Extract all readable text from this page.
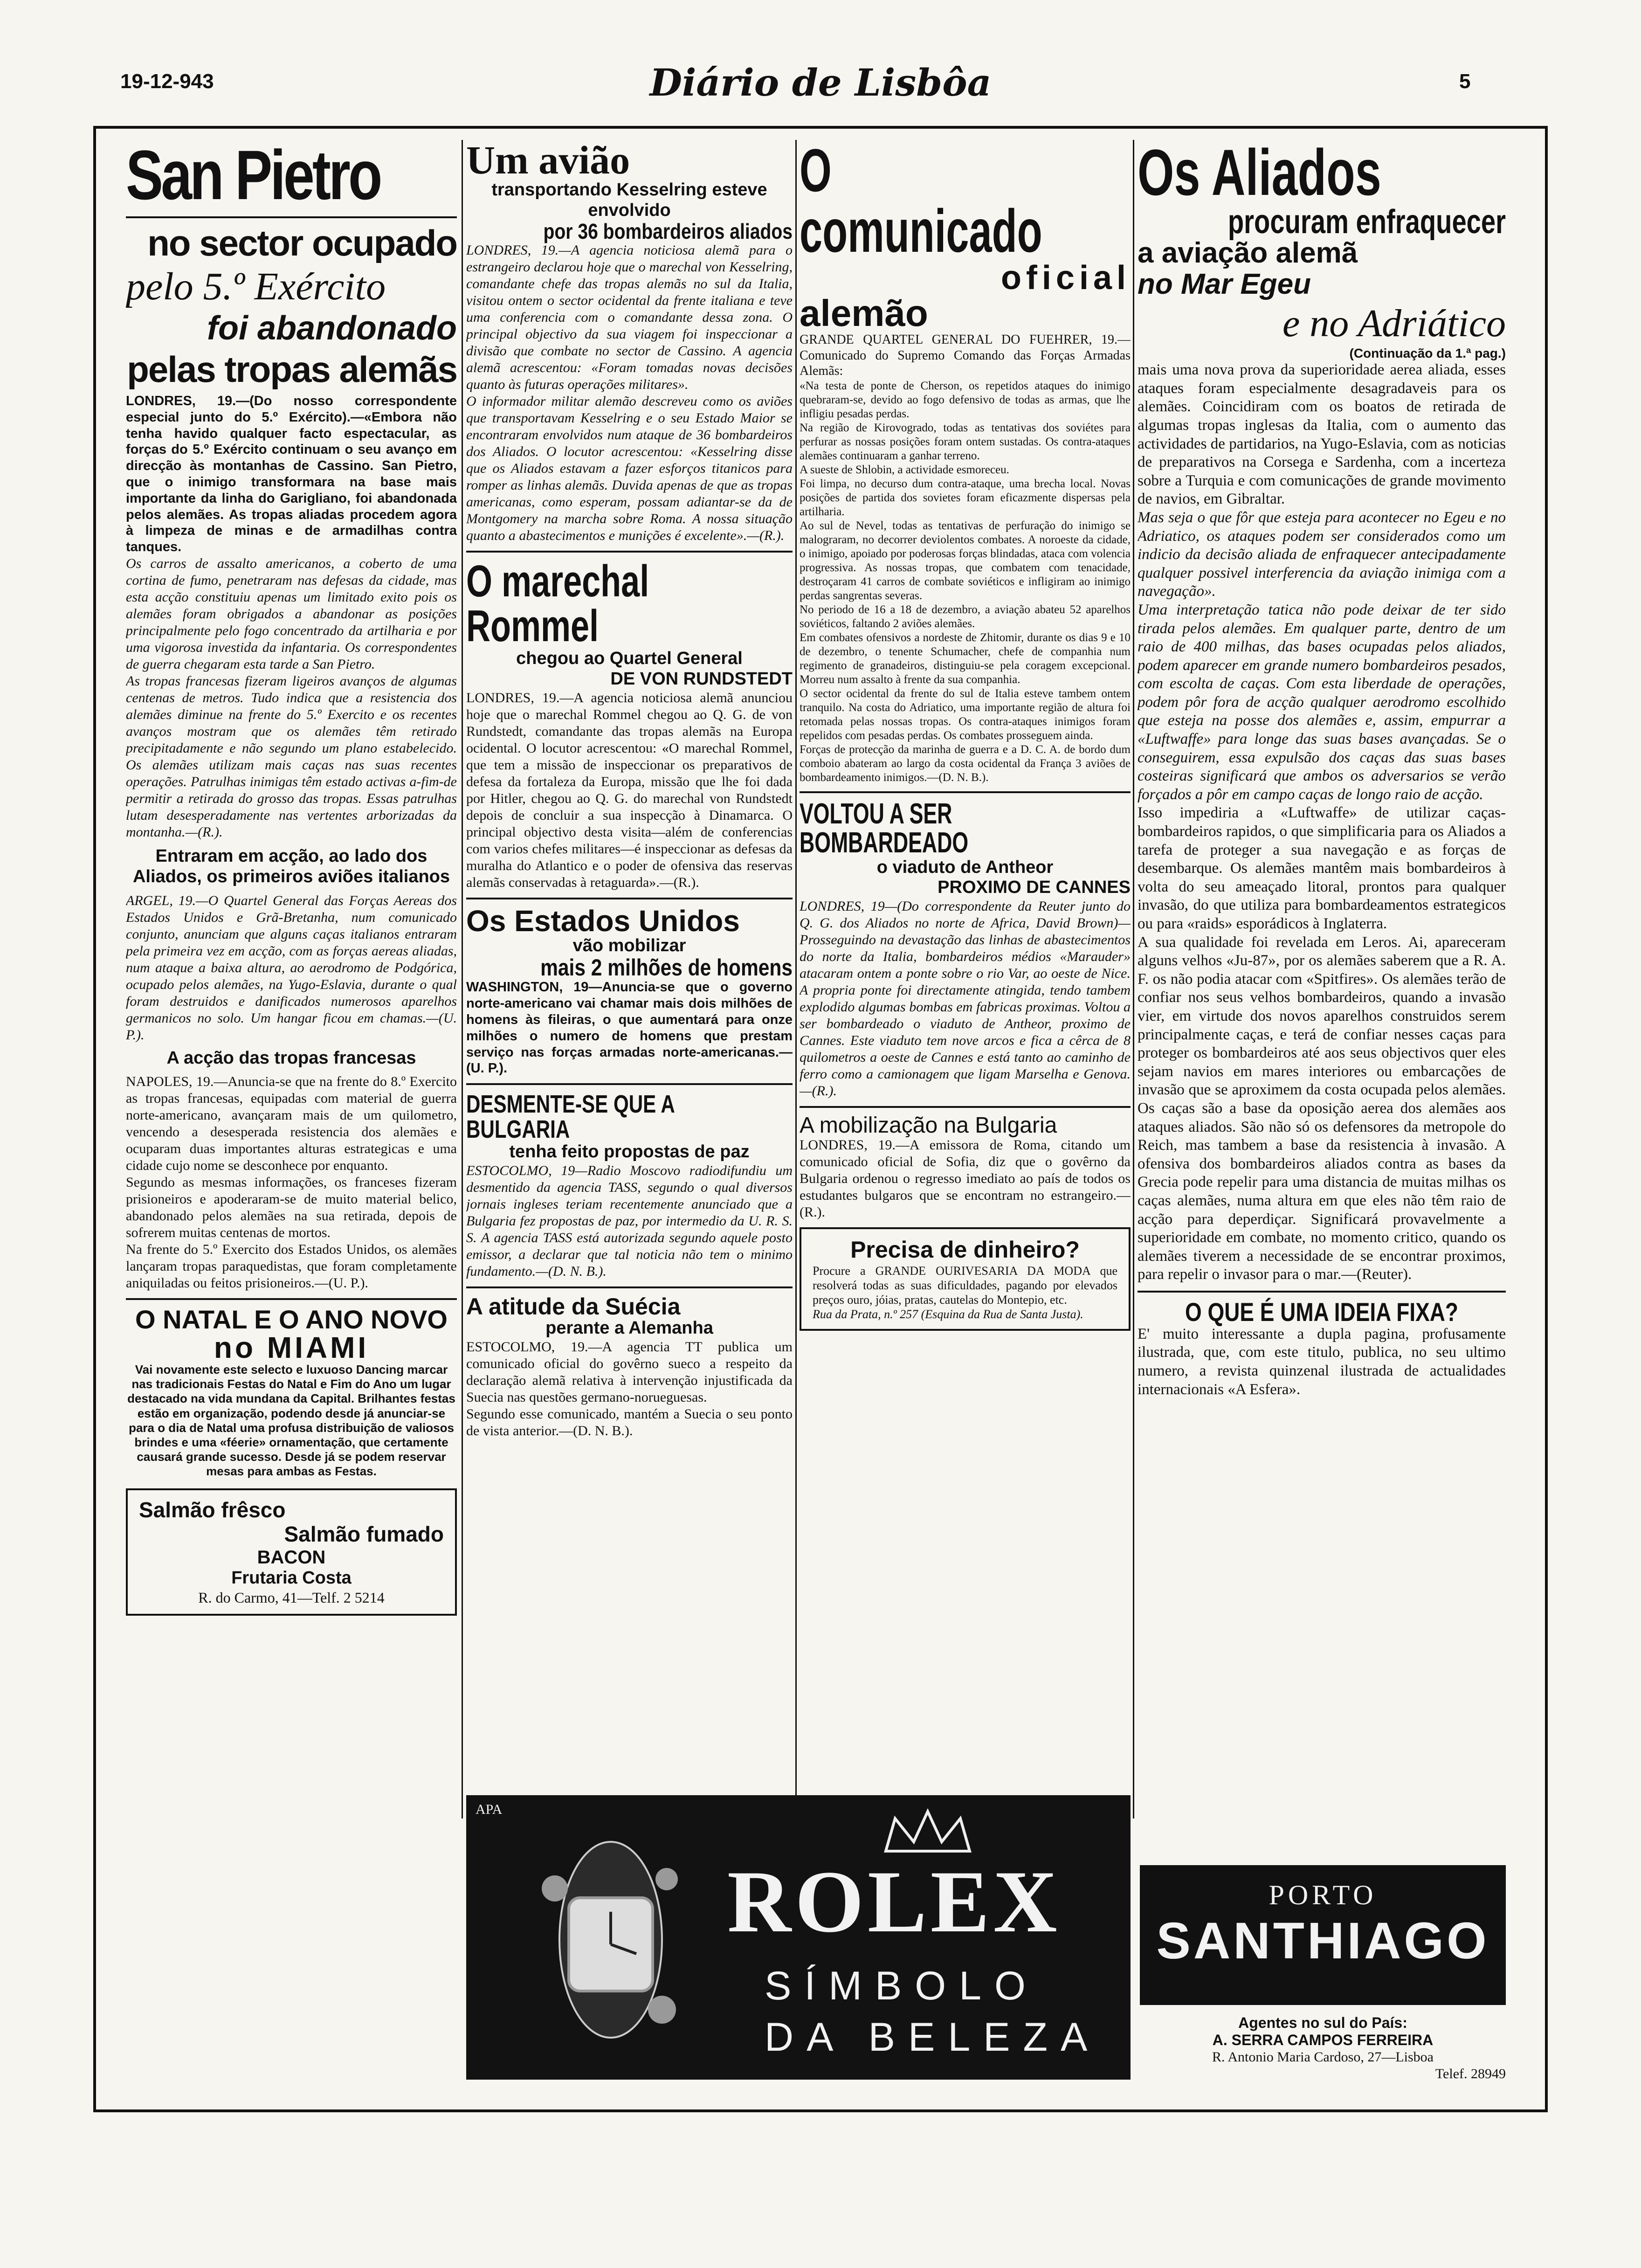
19-12-943	Diário de Lisbôa	5
San Pietro
no sector ocupado
pelo 5.º Exército
foi abandonado
pelas tropas alemãs

LONDRES, 19.—(Do nosso correspondente especial junto do 5.º Exército).—«Embora não tenha havido qualquer facto espectacular, as forças do 5.º Exército continuam o seu avanço em direcção às montanhas de Cassino. San Pietro, que o inimigo transformara na base mais importante da linha do Garigliano, foi abandonada pelos alemães. As tropas aliadas procedem agora à limpeza de minas e de armadilhas contra tanques.

Os carros de assalto americanos, a coberto de uma cortina de fumo, penetraram nas defesas da cidade, mas esta acção constituiu apenas um limitado exito pois os alemães foram obrigados a abandonar as posições principalmente pelo fogo concentrado da artilharia e por uma vigorosa investida da infantaria. Os correspondentes de guerra chegaram esta tarde a San Pietro.

As tropas francesas fizeram ligeiros avanços de algumas centenas de metros. Tudo indica que a resistencia dos alemães diminue na frente do 5.º Exercito e os recentes avanços mostram que os alemães têm retirado precipitadamente e não segundo um plano estabelecido. Os alemães utilizam mais caças nas suas recentes operações. Patrulhas inimigas têm estado activas a-fim-de permitir a retirada do grosso das tropas. Essas patrulhas lutam desesperadamente nas vertentes arborizadas da montanha.—(R.).

Entraram em acção, ao lado dos Aliados, os primeiros aviões italianos

ARGEL, 19.—O Quartel General das Forças Aereas dos Estados Unidos e Grã-Bretanha, num comunicado conjunto, anunciam que alguns caças italianos entraram pela primeira vez em acção, com as forças aereas aliadas, num ataque a baixa altura, ao aerodromo de Podgórica, ocupado pelos alemães, na Yugo-Eslavia, durante o qual foram destruidos e danificados numerosos aparelhos germanicos no solo. Um hangar ficou em chamas.—(U. P.).

A acção das tropas francesas

NAPOLES, 19.—Anuncia-se que na frente do 8.º Exercito as tropas francesas, equipadas com material de guerra norte-americano, avançaram mais de um quilometro, vencendo a desesperada resistencia dos alemães e ocuparam duas importantes alturas estrategicas e uma cidade cujo nome se desconhece por enquanto.

Segundo as mesmas informações, os franceses fizeram prisioneiros e apoderaram-se de muito material belico, abandonado pelos alemães na sua retirada, depois de sofrerem muitas centenas de mortos.

Na frente do 5.º Exercito dos Estados Unidos, os alemães lançaram tropas paraquedistas, que foram completamente aniquiladas ou feitos prisioneiros.—(U. P.).

O NATAL E O ANO NOVO
no MIAMI

Vai novamente este selecto e luxuoso Dancing marcar nas tradicionais Festas do Natal e Fim do Ano um lugar destacado na vida mundana da Capital. Brilhantes festas estão em organização, podendo desde já anunciar-se para o dia de Natal uma profusa distribuição de valiosos brindes e uma «féerie» ornamentação, que certamente causará grande sucesso. Desde já se podem reservar mesas para ambas as Festas.

Salmão frêsco
Salmão fumado
BACON
Frutaria Costa
R. do Carmo, 41—Telf. 2 5214
Um avião
transportando Kesselring esteve envolvido
por 36 bombardeiros aliados

LONDRES, 19.—A agencia noticiosa alemã para o estrangeiro declarou hoje que o marechal von Kesselring, comandante chefe das tropas alemãs no sul da Italia, visitou ontem o sector ocidental da frente italiana e teve uma conferencia com o comandante dessa zona. O principal objectivo da sua viagem foi inspeccionar a divisão que combate no sector de Cassino. A agencia alemã acrescentou: «Foram tomadas novas decisões quanto às futuras operações militares».

O informador militar alemão descreveu como os aviões que transportavam Kesselring e o seu Estado Maior se encontraram envolvidos num ataque de 36 bombardeiros dos Aliados. O locutor acrescentou: «Kesselring disse que os Aliados estavam a fazer esforços titanicos para romper as linhas alemãs. Duvida apenas de que as tropas americanas, como esperam, possam adiantar-se da de Montgomery na marcha sobre Roma. A nossa situação quanto a abastecimentos e munições é excelente».—(R.).

O marechal Rommel
chegou ao Quartel General
DE VON RUNDSTEDT

LONDRES, 19.—A agencia noticiosa alemã anunciou hoje que o marechal Rommel chegou ao Q. G. de von Rundstedt, comandante das tropas alemãs na Europa ocidental. O locutor acrescentou: «O marechal Rommel, que tem a missão de inspeccionar os preparativos de defesa da fortaleza da Europa, missão que lhe foi dada por Hitler, chegou ao Q. G. do marechal von Rundstedt depois de concluir a sua inspecção à Dinamarca. O principal objectivo desta visita—além de conferencias com varios chefes militares—é inspeccionar as defesas da muralha do Atlantico e o poder de ofensiva das reservas alemãs conservadas à retaguarda».—(R.).

Os Estados Unidos
vão mobilizar
mais 2 milhões de homens

WASHINGTON, 19—Anuncia-se que o governo norte-americano vai chamar mais dois milhões de homens às fileiras, o que aumentará para onze milhões o numero de homens que prestam serviço nas forças armadas norte-americanas.—(U. P.).

DESMENTE-SE QUE A BULGARIA
tenha feito propostas de paz

ESTOCOLMO, 19—Radio Moscovo radiodifundiu um desmentido da agencia TASS, segundo o qual diversos jornais ingleses teriam recentemente anunciado que a Bulgaria fez propostas de paz, por intermedio da U. R. S. S. A agencia TASS está autorizada segundo aquele posto emissor, a declarar que tal noticia não tem o minimo fundamento.—(D. N. B.).

A atitude da Suécia
perante a Alemanha

ESTOCOLMO, 19.—A agencia TT publica um comunicado oficial do govêrno sueco a respeito da declaração alemã relativa à intervenção injustificada da Suecia nas questões germano-norueguesas.

Segundo esse comunicado, mantém a Suecia o seu ponto de vista anterior.—(D. N. B.).

O comunicado
oficial
alemão

GRANDE QUARTEL GENERAL DO FUEHRER, 19.—Comunicado do Supremo Comando das Forças Armadas Alemãs:

«Na testa de ponte de Cherson, os repetidos ataques do inimigo quebraram-se, devido ao fogo defensivo de todas as armas, que lhe infligiu pesadas perdas.

Na região de Kirovogrado, todas as tentativas dos soviétes para perfurar as nossas posições foram ontem sustadas. Os contra-ataques alemães continuaram a ganhar terreno.

A sueste de Shlobin, a actividade esmoreceu.

Foi limpa, no decurso dum contra-ataque, uma brecha local. Novas posições de partida dos sovietes foram eficazmente dispersas pela artilharia.

Ao sul de Nevel, todas as tentativas de perfuração do inimigo se malograram, no decorrer deviolentos combates. A noroeste da cidade, o inimigo, apoiado por poderosas forças blindadas, ataca com volencia progressiva. As nossas tropas, que combatem com tenacidade, destroçaram 41 carros de combate soviéticos e infligiram ao inimigo perdas sangrentas severas.

No periodo de 16 a 18 de dezembro, a aviação abateu 52 aparelhos soviéticos, faltando 2 aviões alemães.

Em combates ofensivos a nordeste de Zhitomir, durante os dias 9 e 10 de dezembro, o tenente Schumacher, chefe de companhia num regimento de granadeiros, distinguiu-se pela coragem excepcional. Morreu num assalto à frente da sua companhia.

O sector ocidental da frente do sul de Italia esteve tambem ontem tranquilo. Na costa do Adriatico, uma importante região de altura foi retomada pelas nossas tropas. Os contra-ataques inimigos foram repelidos com pesadas perdas. Os combates prosseguem ainda.

Forças de protecção da marinha de guerra e a D. C. A. de bordo dum comboio abateram ao largo da costa ocidental da França 3 aviões de bombardeamento inimigos.—(D. N. B.).

VOLTOU A SER BOMBARDEADO
o viaduto de Antheor
PROXIMO DE CANNES

LONDRES, 19—(Do correspondente da Reuter junto do Q. G. dos Aliados no norte de Africa, David Brown)—Prosseguindo na devastação das linhas de abastecimentos do norte da Italia, bombardeiros médios «Marauder» atacaram ontem a ponte sobre o rio Var, ao oeste de Nice. A propria ponte foi directamente atingida, tendo tambem explodido algumas bombas em fabricas proximas. Voltou a ser bombardeado o viaduto de Antheor, proximo de Cannes. Este viaduto tem nove arcos e fica a cêrca de 8 quilometros a oeste de Cannes e está tanto ao caminho de ferro como a camionagem que ligam Marselha e Genova.—(R.).

A mobilização na Bulgaria

LONDRES, 19.—A emissora de Roma, citando um comunicado oficial de Sofia, diz que o govêrno da Bulgaria ordenou o regresso imediato ao país de todos os estudantes bulgaros que se encontram no estrangeiro.—(R.).

Precisa de dinheiro?

Procure a GRANDE OURIVESARIA DA MODA que resolverá todas as suas dificuldades, pagando por elevados preços ouro, jóias, pratas, cautelas do Montepio, etc.

Rua da Prata, n.º 257 (Esquina da Rua de Santa Justa).

Os Aliados
procuram enfraquecer
a aviação alemã
no Mar Egeu
e no Adriático
(Continuação da 1.ª pag.)

mais uma nova prova da superioridade aerea aliada, esses ataques foram especialmente desagradaveis para os alemães. Coincidiram com os boatos de retirada de algumas tropas inglesas da Italia, com o aumento das actividades de partidarios, na Yugo-Eslavia, com as noticias de preparativos na Corsega e Sardenha, com a incerteza sobre a Turquia e com comunicações de grande movimento de navios, em Gibraltar.

Mas seja o que fôr que esteja para acontecer no Egeu e no Adriatico, os ataques podem ser considerados como um indicio da decisão aliada de enfraquecer antecipadamente qualquer possivel interferencia da aviação inimiga com a navegação».

Uma interpretação tatica não pode deixar de ter sido tirada pelos alemães. Em qualquer parte, dentro de um raio de 400 milhas, das bases ocupadas pelos aliados, podem aparecer em grande numero bombardeiros pesados, com escolta de caças. Com esta liberdade de operações, podem pôr fora de acção qualquer aerodromo escolhido que esteja na posse dos alemães e, assim, empurrar a «Luftwaffe» para longe das suas bases avançadas. Se o conseguirem, essa expulsão dos caças das suas bases costeiras significará que ambos os adversarios se verão forçados a pôr em campo caças de longo raio de acção.

Isso impediria a «Luftwaffe» de utilizar caças-bombardeiros rapidos, o que simplificaria para os Aliados a tarefa de proteger a sua navegação e as forças de desembarque. Os alemães mantêm mais bombardeiros à volta do seu ameaçado litoral, prontos para qualquer invasão, do que utiliza para bombardeamentos estrategicos ou para «raids» esporádicos à Inglaterra.

A sua qualidade foi revelada em Leros. Ai, apareceram alguns velhos «Ju-87», por os alemães saberem que a R. A. F. os não podia atacar com «Spitfires». Os alemães terão de confiar nos seus velhos bombardeiros, quando a invasão vier, em virtude dos novos aparelhos construidos serem principalmente caças, e terá de confiar nesses caças para proteger os bombardeiros até aos seus objectivos quer eles sejam navios em mares interiores ou embarcações de invasão que se aproximem da costa ocupada pelos alemães. Os caças são a base da oposição aerea dos alemães aos ataques aliados. São não só os defensores da metropole do Reich, mas tambem a base da resistencia à invasão. A ofensiva dos bombardeiros aliados contra as bases da Grecia pode repelir para uma distancia de muitas milhas os caças alemães, numa altura em que eles não têm raio de acção para deperdiçar. Significará provavelmente a superioridade em combate, no momento critico, quando os alemães tiverem a necessidade de se encontrar proximos, para repelir o invasor para o mar.—(Reuter).

O QUE É UMA IDEIA FIXA?

E' muito interessante a dupla pagina, profusamente ilustrada, que, com este titulo, publica, no seu ultimo numero, a revista quinzenal ilustrada de actualidades internacionais «A Esfera».

PORTO
SANTHIAGO
Agentes no sul do País:
A. SERRA CAMPOS FERREIRA
R. Antonio Maria Cardoso, 27—Lisboa
Telef. 28949
APA
ROLEX
SÍMBOLO
DA BELEZA
